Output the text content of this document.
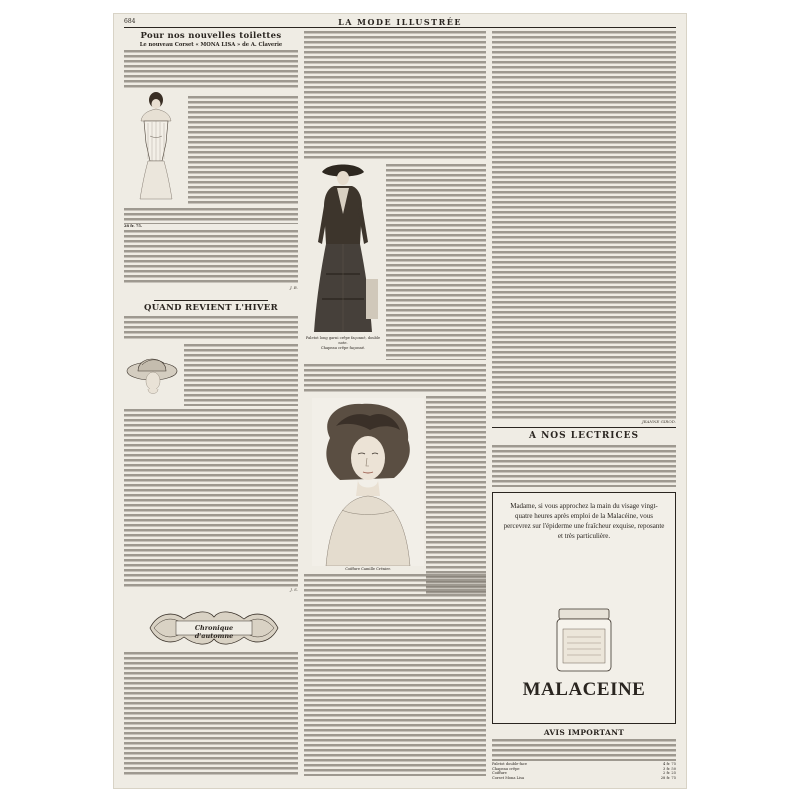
684	LA MODE ILLUSTRÉE
Pour nos nouvelles toilettes
Le nouveau Corset « MONA LISA » de A. Claverie
28 fr. 75.
J. B.
QUAND REVIENT L'HIVER
J. S.
Chronique d'automne
Paletot long garni crêpe façonné, double note.
Chapeau crêpe façonné.
Coiffure Camille Crénier.
JEANNE GIROD.
A NOS LECTRICES
Madame, si vous approchez la main du visage vingt-quatre heures après emploi de la Malacéine, vous percevrez sur l'épiderme une fraîcheur exquise, reposante et très particulière.
MALACEINE
AVIS IMPORTANT
Paletot double-face	4 fr. 75
Chapeau crêpe	3 fr. 50
Coiffure	2 fr. 25
Corset Mona Lisa	28 fr. 75
